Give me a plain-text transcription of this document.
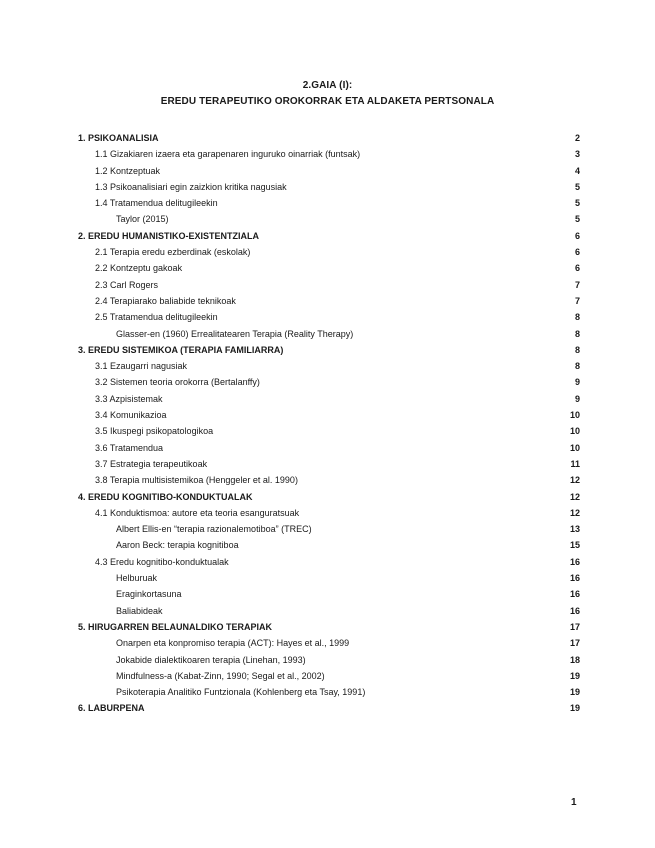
2.GAIA (I):
EREDU TERAPEUTIKO OROKORRAK ETA ALDAKETA PERTSONALA
1. PSIKOANALISIA	2
1.1 Gizakiaren izaera eta garapenaren inguruko oinarriak (funtsak)	3
1.2 Kontzeptuak	4
1.3 Psikoanalisiari egin zaizkion kritika nagusiak	5
1.4 Tratamendua delitugileekin	5
Taylor (2015)	5
2. EREDU HUMANISTIKO-EXISTENTZIALA	6
2.1 Terapia eredu ezberdinak (eskolak)	6
2.2 Kontzeptu gakoak	6
2.3 Carl Rogers	7
2.4 Terapiarako baliabide teknikoak	7
2.5 Tratamendua delitugileekin	8
Glasser-en (1960) Errealitatearen Terapia (Reality Therapy)	8
3. EREDU SISTEMIKOA (TERAPIA FAMILIARRA)	8
3.1 Ezaugarri nagusiak	8
3.2 Sistemen teoria orokorra (Bertalanffy)	9
3.3 Azpisistemak	9
3.4 Komunikazioa	10
3.5 Ikuspegi psikopatologikoa	10
3.6 Tratamendua	10
3.7 Estrategia terapeutikoak	11
3.8 Terapia multisistemikoa (Henggeler et al. 1990)	12
4. EREDU KOGNITIBO-KONDUKTUALAK	12
4.1 Konduktismoa: autore eta teoria esanguratsuak	12
Albert Ellis-en “terapia razionalemotiboa” (TREC)	13
Aaron Beck: terapia kognitiboa	15
4.3 Eredu kognitibo-konduktualak	16
Helburuak	16
Eraginkortasuna	16
Baliabideak	16
5. HIRUGARREN BELAUNALDIKO TERAPIAK	17
Onarpen eta konpromiso terapia (ACT): Hayes et al., 1999	17
Jokabide dialektikoaren terapia (Linehan, 1993)	18
Mindfulness-a (Kabat-Zinn, 1990; Segal et al., 2002)	19
Psikoterapia Analitiko Funtzionala (Kohlenberg eta Tsay, 1991)	19
6. LABURPENA	19
1
